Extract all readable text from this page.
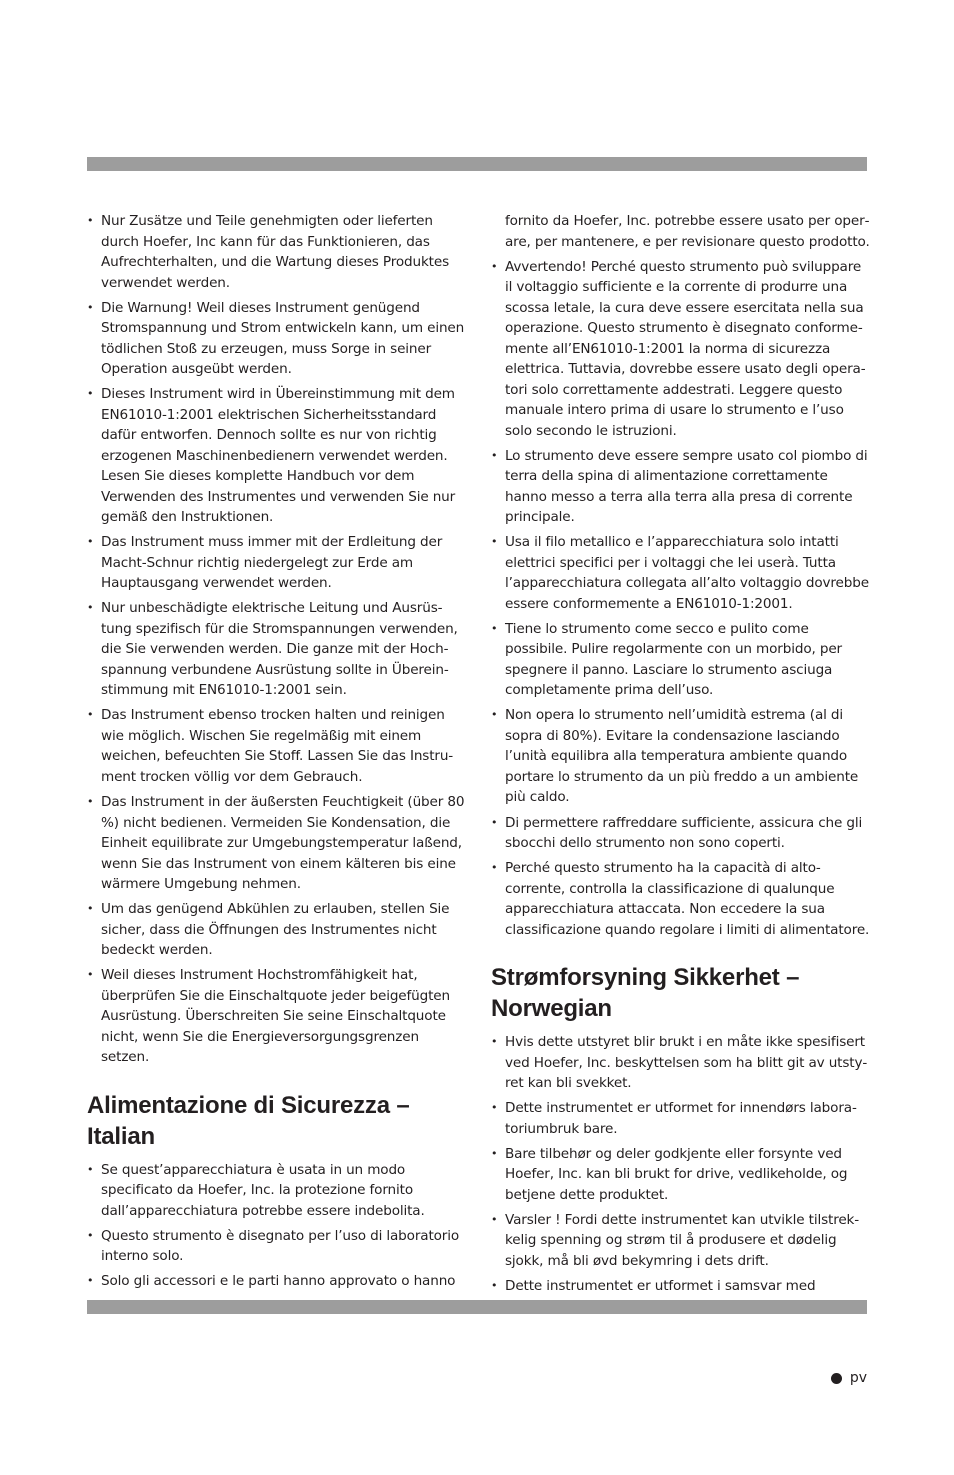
• Nur Zusätze und Teile genehmigten oder lieferten durch Hoefer, Inc kann für das Funktionieren, das Aufrechterhalten, und die Wartung dieses Produktes verwendet werden.
• Die Warnung! Weil dieses Instrument genügend Stromspannung und Strom entwickeln kann, um einen tödlichen Stoß zu erzeugen, muss Sorge in seiner Operation ausgeübt werden.
• Dieses Instrument wird in Übereinstimmung mit dem EN61010-1:2001 elektrischen Sicherheitsstandard dafür entworfen. Dennoch sollte es nur von richtig erzogenen Maschinenbedienern verwendet werden. Lesen Sie dieses komplette Handbuch vor dem Verwenden des Instrumentes und verwenden Sie nur gemäß den Instruktionen.
• Das Instrument muss immer mit der Erdleitung der Macht-Schnur richtig niedergelegt zur Erde am Hauptausgang verwendet werden.
• Nur unbeschädigte elektrische Leitung und Ausrüstung spezifisch für die Stromspannungen verwenden, die Sie verwenden werden. Die ganze mit der Hochspannung verbundene Ausrüstung sollte in Übereinstimmung mit EN61010-1:2001 sein.
• Das Instrument ebenso trocken halten und reinigen wie möglich. Wischen Sie regelmäßig mit einem weichen, befeuchten Sie Stoff. Lassen Sie das Instrument trocken völlig vor dem Gebrauch.
• Das Instrument in der äußersten Feuchtigkeit (über 80 %) nicht bedienen. Vermeiden Sie Kondensation, die Einheit equilibrate zur Umgebungstemperatur laßend, wenn Sie das Instrument von einem kälteren bis eine wärmere Umgebung nehmen.
• Um das genügend Abkühlen zu erlauben, stellen Sie sicher, dass die Öffnungen des Instrumentes nicht bedeckt werden.
• Weil dieses Instrument Hochstromfähigkeit hat, überprüfen Sie die Einschaltquote jeder beigefügten Ausrüstung. Überschreiten Sie seine Einschaltquote nicht, wenn Sie die Energieversorgungsgrenzen setzen.
Alimentazione di Sicurezza – Italian
• Se quest’apparecchiatura è usata in un modo specificato da Hoefer, Inc. la protezione fornito dall’apparecchiatura potrebbe essere indebolita.
• Questo strumento è disegnato per l’uso di laboratorio interno solo.
• Solo gli accessori e le parti hanno approvato o hanno
fornito da Hoefer, Inc. potrebbe essere usato per operare, per mantenere, e per revisionare questo prodotto.
• Avvertendo! Perché questo strumento può sviluppare il voltaggio sufficiente e la corrente di produrre una scossa letale, la cura deve essere esercitata nella sua operazione. Questo strumento è disegnato conformemente all’EN61010-1:2001 la norma di sicurezza elettrica. Tuttavia, dovrebbe essere usato degli operatori solo correttamente addestrati. Leggere questo manuale intero prima di usare lo strumento e l’uso solo secondo le istruzioni.
• Lo strumento deve essere sempre usato col piombo di terra della spina di alimentazione correttamente hanno messo a terra alla terra alla presa di corrente principale.
• Usa il filo metallico e l’apparecchiatura solo intatti elettrici specifici per i voltaggi che lei userà. Tutta l’apparecchiatura collegata all’alto voltaggio dovrebbe essere conformemente a EN61010-1:2001.
• Tiene lo strumento come secco e pulito come possibile. Pulire regolarmente con un morbido, per spegnere il panno. Lasciare lo strumento asciuga completamente prima dell’uso.
• Non opera lo strumento nell’umidità estrema (al di sopra di 80%). Evitare la condensazione lasciando l’unità equilibra alla temperatura ambiente quando portare lo strumento da un più freddo a un ambiente più caldo.
• Di permettere raffreddare sufficiente, assicura che gli sbocchi dello strumento non sono coperti.
• Perché questo strumento ha la capacità di altocorrente, controlla la classificazione di qualunque apparecchiatura attaccata. Non eccedere la sua classificazione quando regolare i limiti di alimentatore.
Strømforsyning Sikkerhet – Norwegian
• Hvis dette utstyret blir brukt i en måte ikke spesifisert ved Hoefer, Inc. beskyttelsen som ha blitt git av utstyret kan bli svekket.
• Dette instrumentet er utformet for innendørs laboratoriumbruk bare.
• Bare tilbehør og deler godkjente eller forsynte ved Hoefer, Inc. kan bli brukt for drive, vedlikeholde, og betjene dette produktet.
• Varsler ! Fordi dette instrumentet kan utvikle tilstrekkelig spenning og strøm til å produsere et dødelig sjokk, må bli øvd bekymring i dets drift.
• Dette instrumentet er utformet i samsvar med
pv
